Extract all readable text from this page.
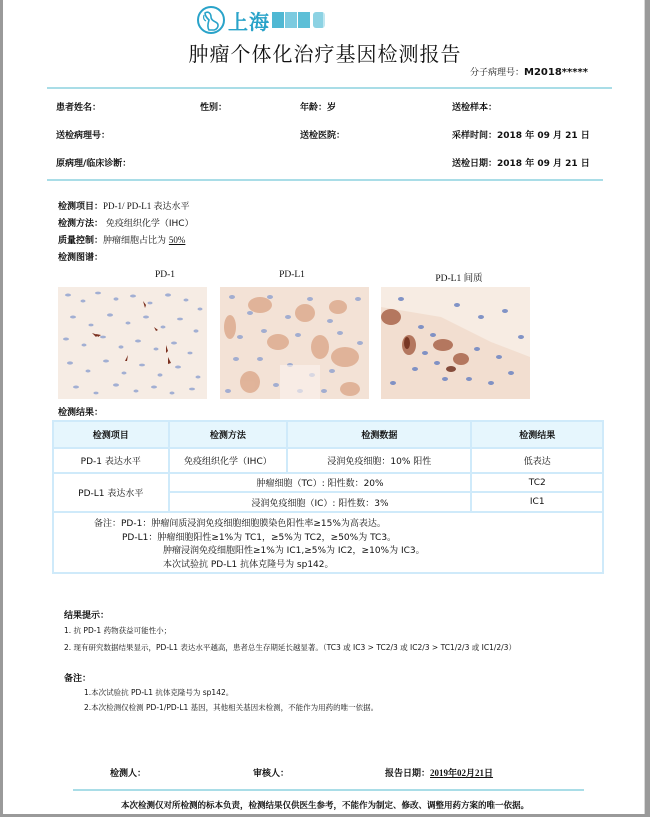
上海
肿瘤个体化治疗基因检测报告
分子病理号：M2018*****
患者姓名：	性别：	年龄：岁	送检样本：
送检病理号：	送检医院：	采样时间：2018 年 09 月 21 日
原病理/临床诊断：	送检日期：2018 年 09 月 21 日
检测项目：PD-1/ PD-L1 表达水平
检测方法： 免疫组织化学（IHC）
质量控制：肿瘤细胞占比为 50%
检测图谱：
PD-1	PD-L1	PD-L1 间质
检测结果：
检测项目	检测方法	检测数据	检测结果
PD-1 表达水平	免疫组织化学（IHC）	浸润免疫细胞：10% 阳性	低表达
PD-L1 表达水平	肿瘤细胞（TC）: 阳性数：20%		TC2
	浸润免疫细胞（IC）: 阳性数：3%		IC1

备注：PD-1：肿瘤间质浸润免疫细胞细胞膜染色阳性率≥15%为高表达。
PD-L1：肿瘤细胞阳性≥1%为 TC1，≥5%为 TC2，≥50%为 TC3。
肿瘤浸润免疫细胞阳性≥1%为 IC1,≥5%为 IC2，≥10%为 IC3。
本次试验抗 PD-L1 抗体克隆号为 sp142。			
结果提示：
1. 抗 PD-1 药物获益可能性小；
2. 现有研究数据结果显示，PD-L1 表达水平越高，患者总生存期延长越显著。（TC3 或 IC3 > TC2/3 或 IC2/3 > TC1/2/3 或 IC1/2/3）
备注：
1.本次试验抗 PD-L1 抗体克隆号为 sp142。
2.本次检测仅检测 PD-1/PD-L1 基因，其他相关基因未检测，不能作为用药的唯一依据。
检测人：	审核人：	报告日期：2019年02月21日
本次检测仅对所检测的标本负责，检测结果仅供医生参考，不能作为制定、修改、调整用药方案的唯一依据。
